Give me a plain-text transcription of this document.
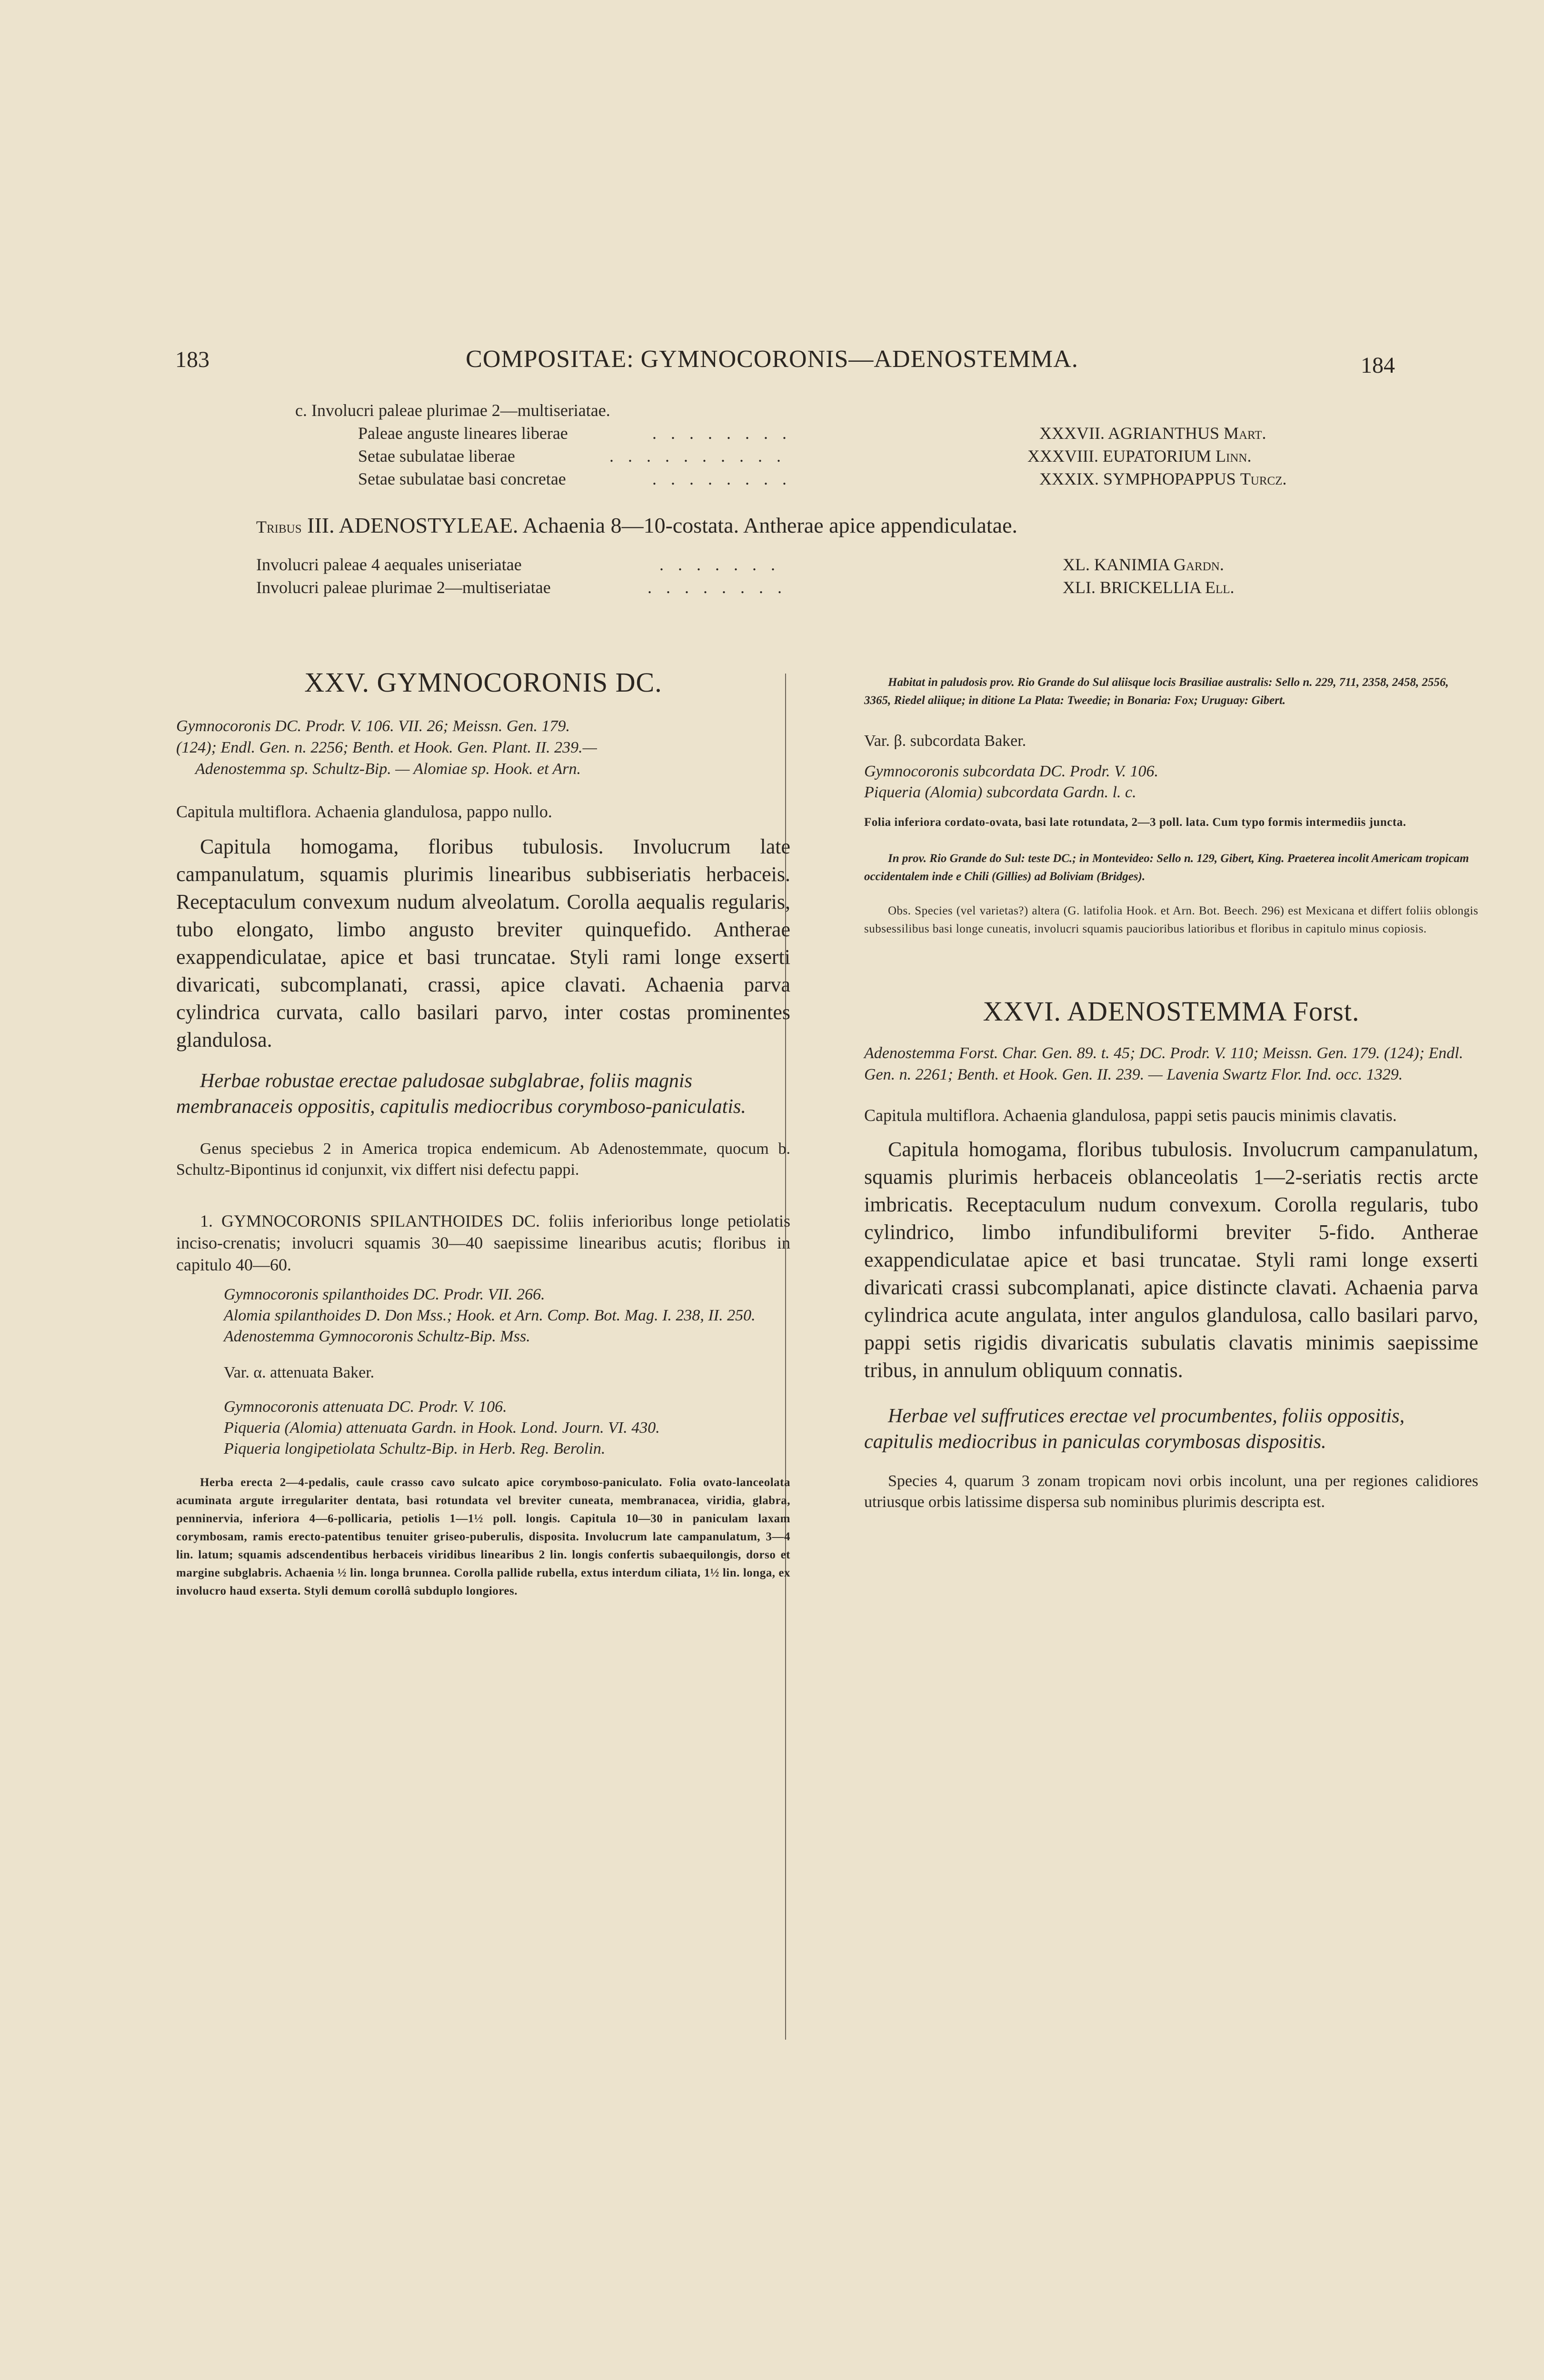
183	COMPOSITAE: GYMNOCORONIS—ADENOSTEMMA.	184
c. Involucri paleae plurimae 2—multiseriatae.
Paleae anguste lineares liberae	........	XXXVII. AGRIANTHUS Mart.
Setae subulatae liberae	..........	XXXVIII. EUPATORIUM Linn.
Setae subulatae basi concretae	........	XXXIX. SYMPHOPAPPUS Turcz.
Tribus III. ADENOSTYLEAE. Achaenia 8—10-costata. Antherae apice appendiculatae.
Involucri paleae 4 aequales uniseriatae	.......	XL. KANIMIA Gardn.
Involucri paleae plurimae 2—multiseriatae	........	XLI. BRICKELLIA Ell.
XXV. GYMNOCORONIS DC.
Gymnocoronis DC. Prodr. V. 106. VII. 26; Meissn. Gen. 179.
(124); Endl. Gen. n. 2256; Benth. et Hook. Gen. Plant. II. 239.—
Adenostemma sp. Schultz-Bip. — Alomiae sp. Hook. et Arn.
Capitula multiflora. Achaenia glandulosa, pappo nullo.

Capitula homogama, floribus tubulosis. Involucrum late campanulatum, squamis plurimis linearibus subbiseriatis herbaceis. Receptaculum convexum nudum alveolatum. Corolla aequalis regularis, tubo elongato, limbo angusto breviter quinquefido. Antherae exappendiculatae, apice et basi truncatae. Styli rami longe exserti divaricati, subcomplanati, crassi, apice clavati. Achaenia parva cylindrica curvata, callo basilari parvo, inter costas prominentes glandulosa.

Herbae robustae erectae paludosae subglabrae, foliis magnis membranaceis oppositis, capitulis mediocribus corymboso-paniculatis.

Genus speciebus 2 in America tropica endemicum. Ab Adenostemmate, quocum b. Schultz-Bipontinus id conjunxit, vix differt nisi defectu pappi.

1. GYMNOCORONIS SPILANTHOIDES DC. foliis inferioribus longe petiolatis inciso-crenatis; involucri squamis 30—40 saepissime linearibus acutis; floribus in capitulo 40—60.

Gymnocoronis spilanthoides DC. Prodr. VII. 266.
Alomia spilanthoides D. Don Mss.; Hook. et Arn. Comp. Bot. Mag. I. 238, II. 250.
Adenostemma Gymnocoronis Schultz-Bip. Mss.
Var. α. attenuata Baker.
Gymnocoronis attenuata DC. Prodr. V. 106.
Piqueria (Alomia) attenuata Gardn. in Hook. Lond. Journ. VI. 430.
Piqueria longipetiolata Schultz-Bip. in Herb. Reg. Berolin.

Herba erecta 2—4-pedalis, caule crasso cavo sulcato apice corymboso-paniculato. Folia ovato-lanceolata acuminata argute irregulariter dentata, basi rotundata vel breviter cuneata, membranacea, viridia, glabra, penninervia, inferiora 4—6-pollicaria, petiolis 1—1½ poll. longis. Capitula 10—30 in paniculam laxam corymbosam, ramis erecto-patentibus tenuiter griseo-puberulis, disposita. Involucrum late campanulatum, 3—4 lin. latum; squamis adscendentibus herbaceis viridibus linearibus 2 lin. longis confertis subaequilongis, dorso et margine subglabris. Achaenia ½ lin. longa brunnea. Corolla pallide rubella, extus interdum ciliata, 1½ lin. longa, ex involucro haud exserta. Styli demum corollâ subduplo longiores.

Habitat in paludosis prov. Rio Grande do Sul aliisque locis Brasiliae australis: Sello n. 229, 711, 2358, 2458, 2556, 3365, Riedel aliique; in ditione La Plata: Tweedie; in Bonaria: Fox; Uruguay: Gibert.

Var. β. subcordata Baker.
Gymnocoronis subcordata DC. Prodr. V. 106.
Piqueria (Alomia) subcordata Gardn. l. c.

Folia inferiora cordato-ovata, basi late rotundata, 2—3 poll. lata. Cum typo formis intermediis juncta.

In prov. Rio Grande do Sul: teste DC.; in Montevideo: Sello n. 129, Gibert, King. Praeterea incolit Americam tropicam occidentalem inde e Chili (Gillies) ad Boliviam (Bridges).

Obs. Species (vel varietas?) altera (G. latifolia Hook. et Arn. Bot. Beech. 296) est Mexicana et differt foliis oblongis subsessilibus basi longe cuneatis, involucri squamis paucioribus latioribus et floribus in capitulo minus copiosis.

XXVI. ADENOSTEMMA Forst.

Adenostemma Forst. Char. Gen. 89. t. 45; DC. Prodr. V. 110; Meissn. Gen. 179. (124); Endl. Gen. n. 2261; Benth. et Hook. Gen. II. 239. — Lavenia Swartz Flor. Ind. occ. 1329.

Capitula multiflora. Achaenia glandulosa, pappi setis paucis minimis clavatis.

Capitula homogama, floribus tubulosis. Involucrum campanulatum, squamis plurimis herbaceis oblanceolatis 1—2-seriatis rectis arcte imbricatis. Receptaculum nudum convexum. Corolla regularis, tubo cylindrico, limbo infundibuliformi breviter 5-fido. Antherae exappendiculatae apice et basi truncatae. Styli rami longe exserti divaricati crassi subcomplanati, apice distincte clavati. Achaenia parva cylindrica acute angulata, inter angulos glandulosa, callo basilari parvo, pappi setis rigidis divaricatis subulatis clavatis minimis saepissime tribus, in annulum obliquum connatis.

Herbae vel suffrutices erectae vel procumbentes, foliis oppositis, capitulis mediocribus in paniculas corymbosas dispositis.

Species 4, quarum 3 zonam tropicam novi orbis incolunt, una per regiones calidiores utriusque orbis latissime dispersa sub nominibus plurimis descripta est.
